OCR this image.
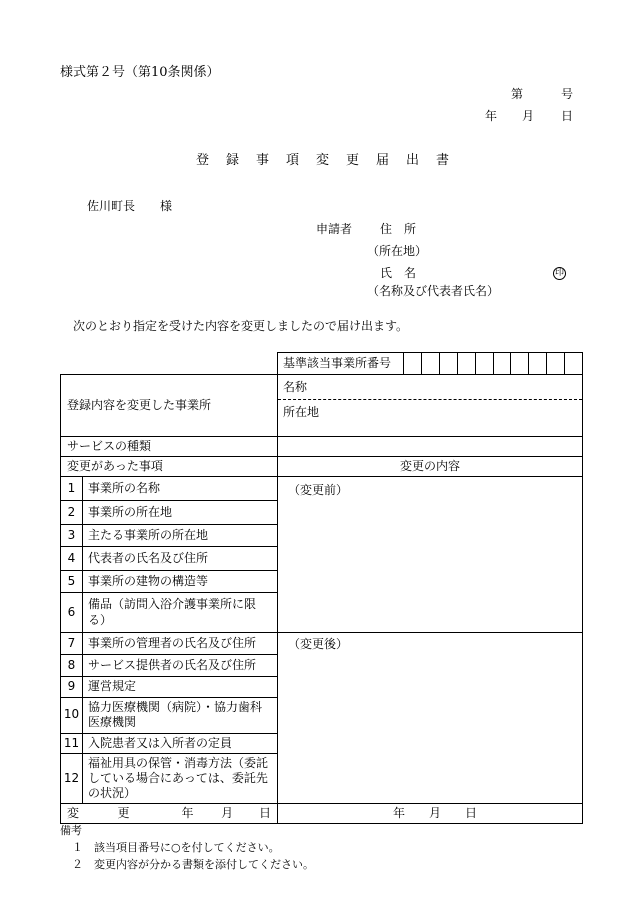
様式第２号（第10条関係）
第	号
年 月 日
登録事項変更届出書
佐川町長 様
申請者 住 所
（所在地）
氏 名	印
（名称及び代表者氏名）
次のとおり指定を受けた内容を変更しましたので届け出ます。
		基準該当事業所番号	

登録内容を変更した事業所		名称
所在地	

サービスの種類			

変更があった事項		変更の内容	
1	事業所の名称	（変更前）	
2	事業所の所在地		
3	主たる事業所の所在地		
4	代表者の氏名及び住所		
5	事業所の建物の構造等		
6	備品（訪問入浴介護事業所に限る）		
7	事業所の管理者の氏名及び住所	（変更後）	
8	サービス提供者の氏名及び住所		
9	運営規定		
10	協力医療機関（病院）・協力歯科医療機関		
11	入院患者又は入所者の定員		
12	福祉用具の保管・消毒方法（委託している場合にあっては、委託先の状況）		

変 更 年 月 日		年 月 日	
備考
１　該当項目番号に○を付してください。
２　変更内容が分かる書類を添付してください。
